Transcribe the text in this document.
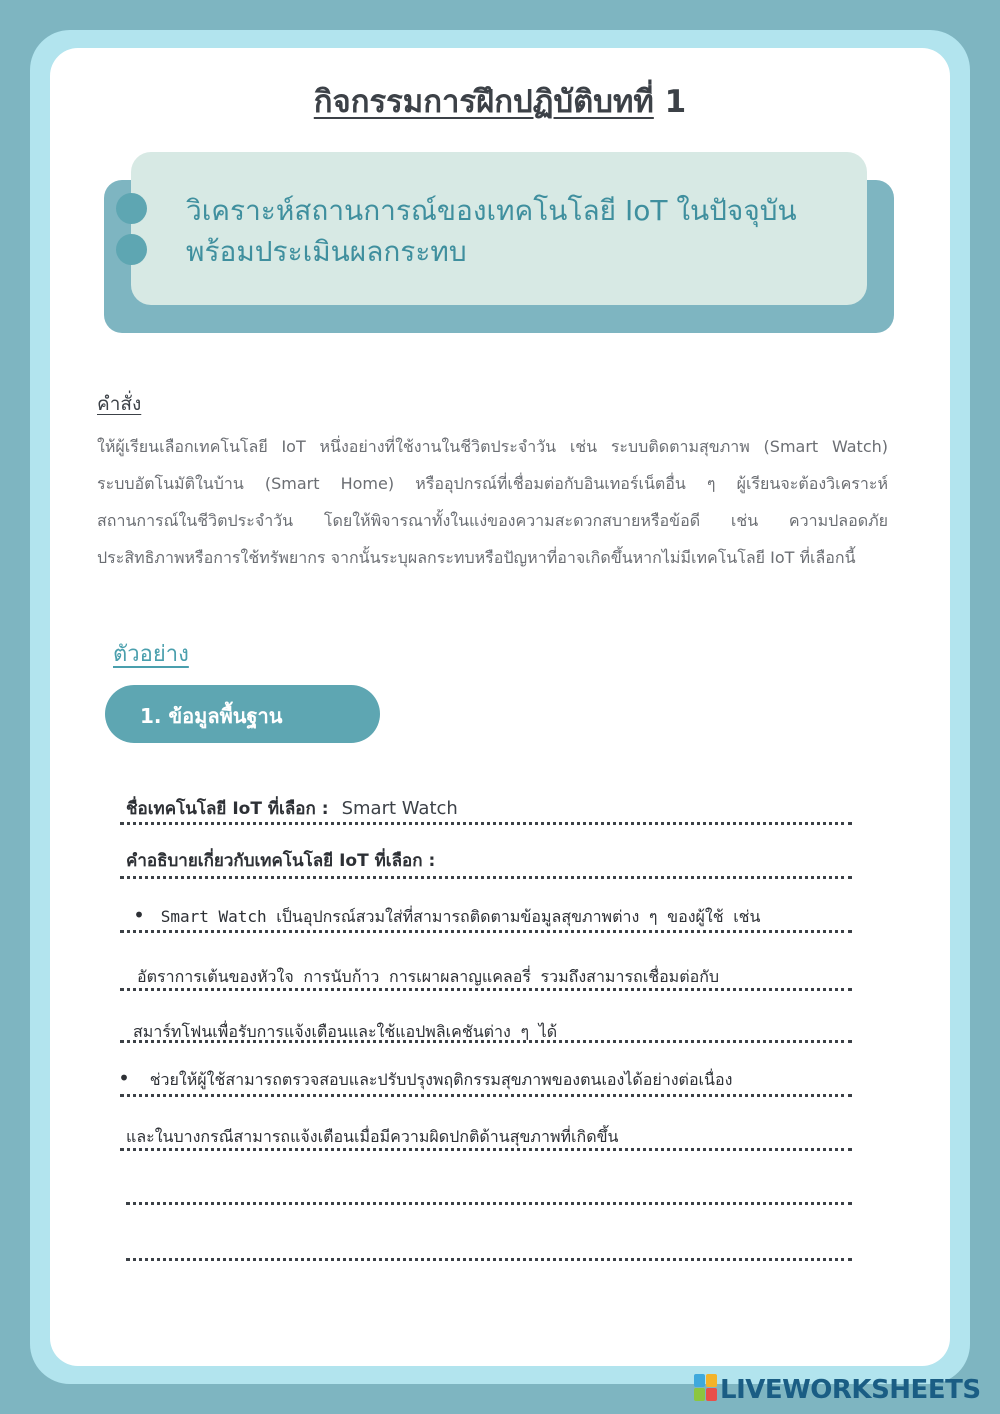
กิจกรรมการฝึกปฏิบัติบทที่ 1
วิเคราะห์สถานการณ์ของเทคโนโลยี IoT ในปัจจุบัน
พร้อมประเมินผลกระทบ
คำสั่ง
ให้ผู้เรียนเลือกเทคโนโลยี IoT หนึ่งอย่างที่ใช้งานในชีวิตประจำวัน เช่น ระบบติดตามสุขภาพ (Smart Watch)
ระบบอัตโนมัติในบ้าน (Smart Home) หรืออุปกรณ์ที่เชื่อมต่อกับอินเทอร์เน็ตอื่น ๆ ผู้เรียนจะต้องวิเคราะห์
สถานการณ์ในชีวิตประจำวัน โดยให้พิจารณาทั้งในแง่ของความสะดวกสบายหรือข้อดี เช่น ความปลอดภัย
ประสิทธิภาพหรือการใช้ทรัพยากร จากนั้นระบุผลกระทบหรือปัญหาที่อาจเกิดขึ้นหากไม่มีเทคโนโลยี IoT ที่เลือกนี้
ตัวอย่าง
1. ข้อมูลพื้นฐาน
ชื่อเทคโนโลยี IoT ที่เลือก : Smart Watch
คำอธิบายเกี่ยวกับเทคโนโลยี IoT ที่เลือก :
• Smart Watch เป็นอุปกรณ์สวมใส่ที่สามารถติดตามข้อมูลสุขภาพต่าง ๆ ของผู้ใช้ เช่น
อัตราการเต้นของหัวใจ การนับก้าว การเผาผลาญแคลอรี่ รวมถึงสามารถเชื่อมต่อกับ
สมาร์ทโฟนเพื่อรับการแจ้งเตือนและใช้แอปพลิเคชันต่าง ๆ ได้
• ช่วยให้ผู้ใช้สามารถตรวจสอบและปรับปรุงพฤติกรรมสุขภาพของตนเองได้อย่างต่อเนื่อง
และในบางกรณีสามารถแจ้งเตือนเมื่อมีความผิดปกติด้านสุขภาพที่เกิดขึ้น
LIVEWORKSHEETS
